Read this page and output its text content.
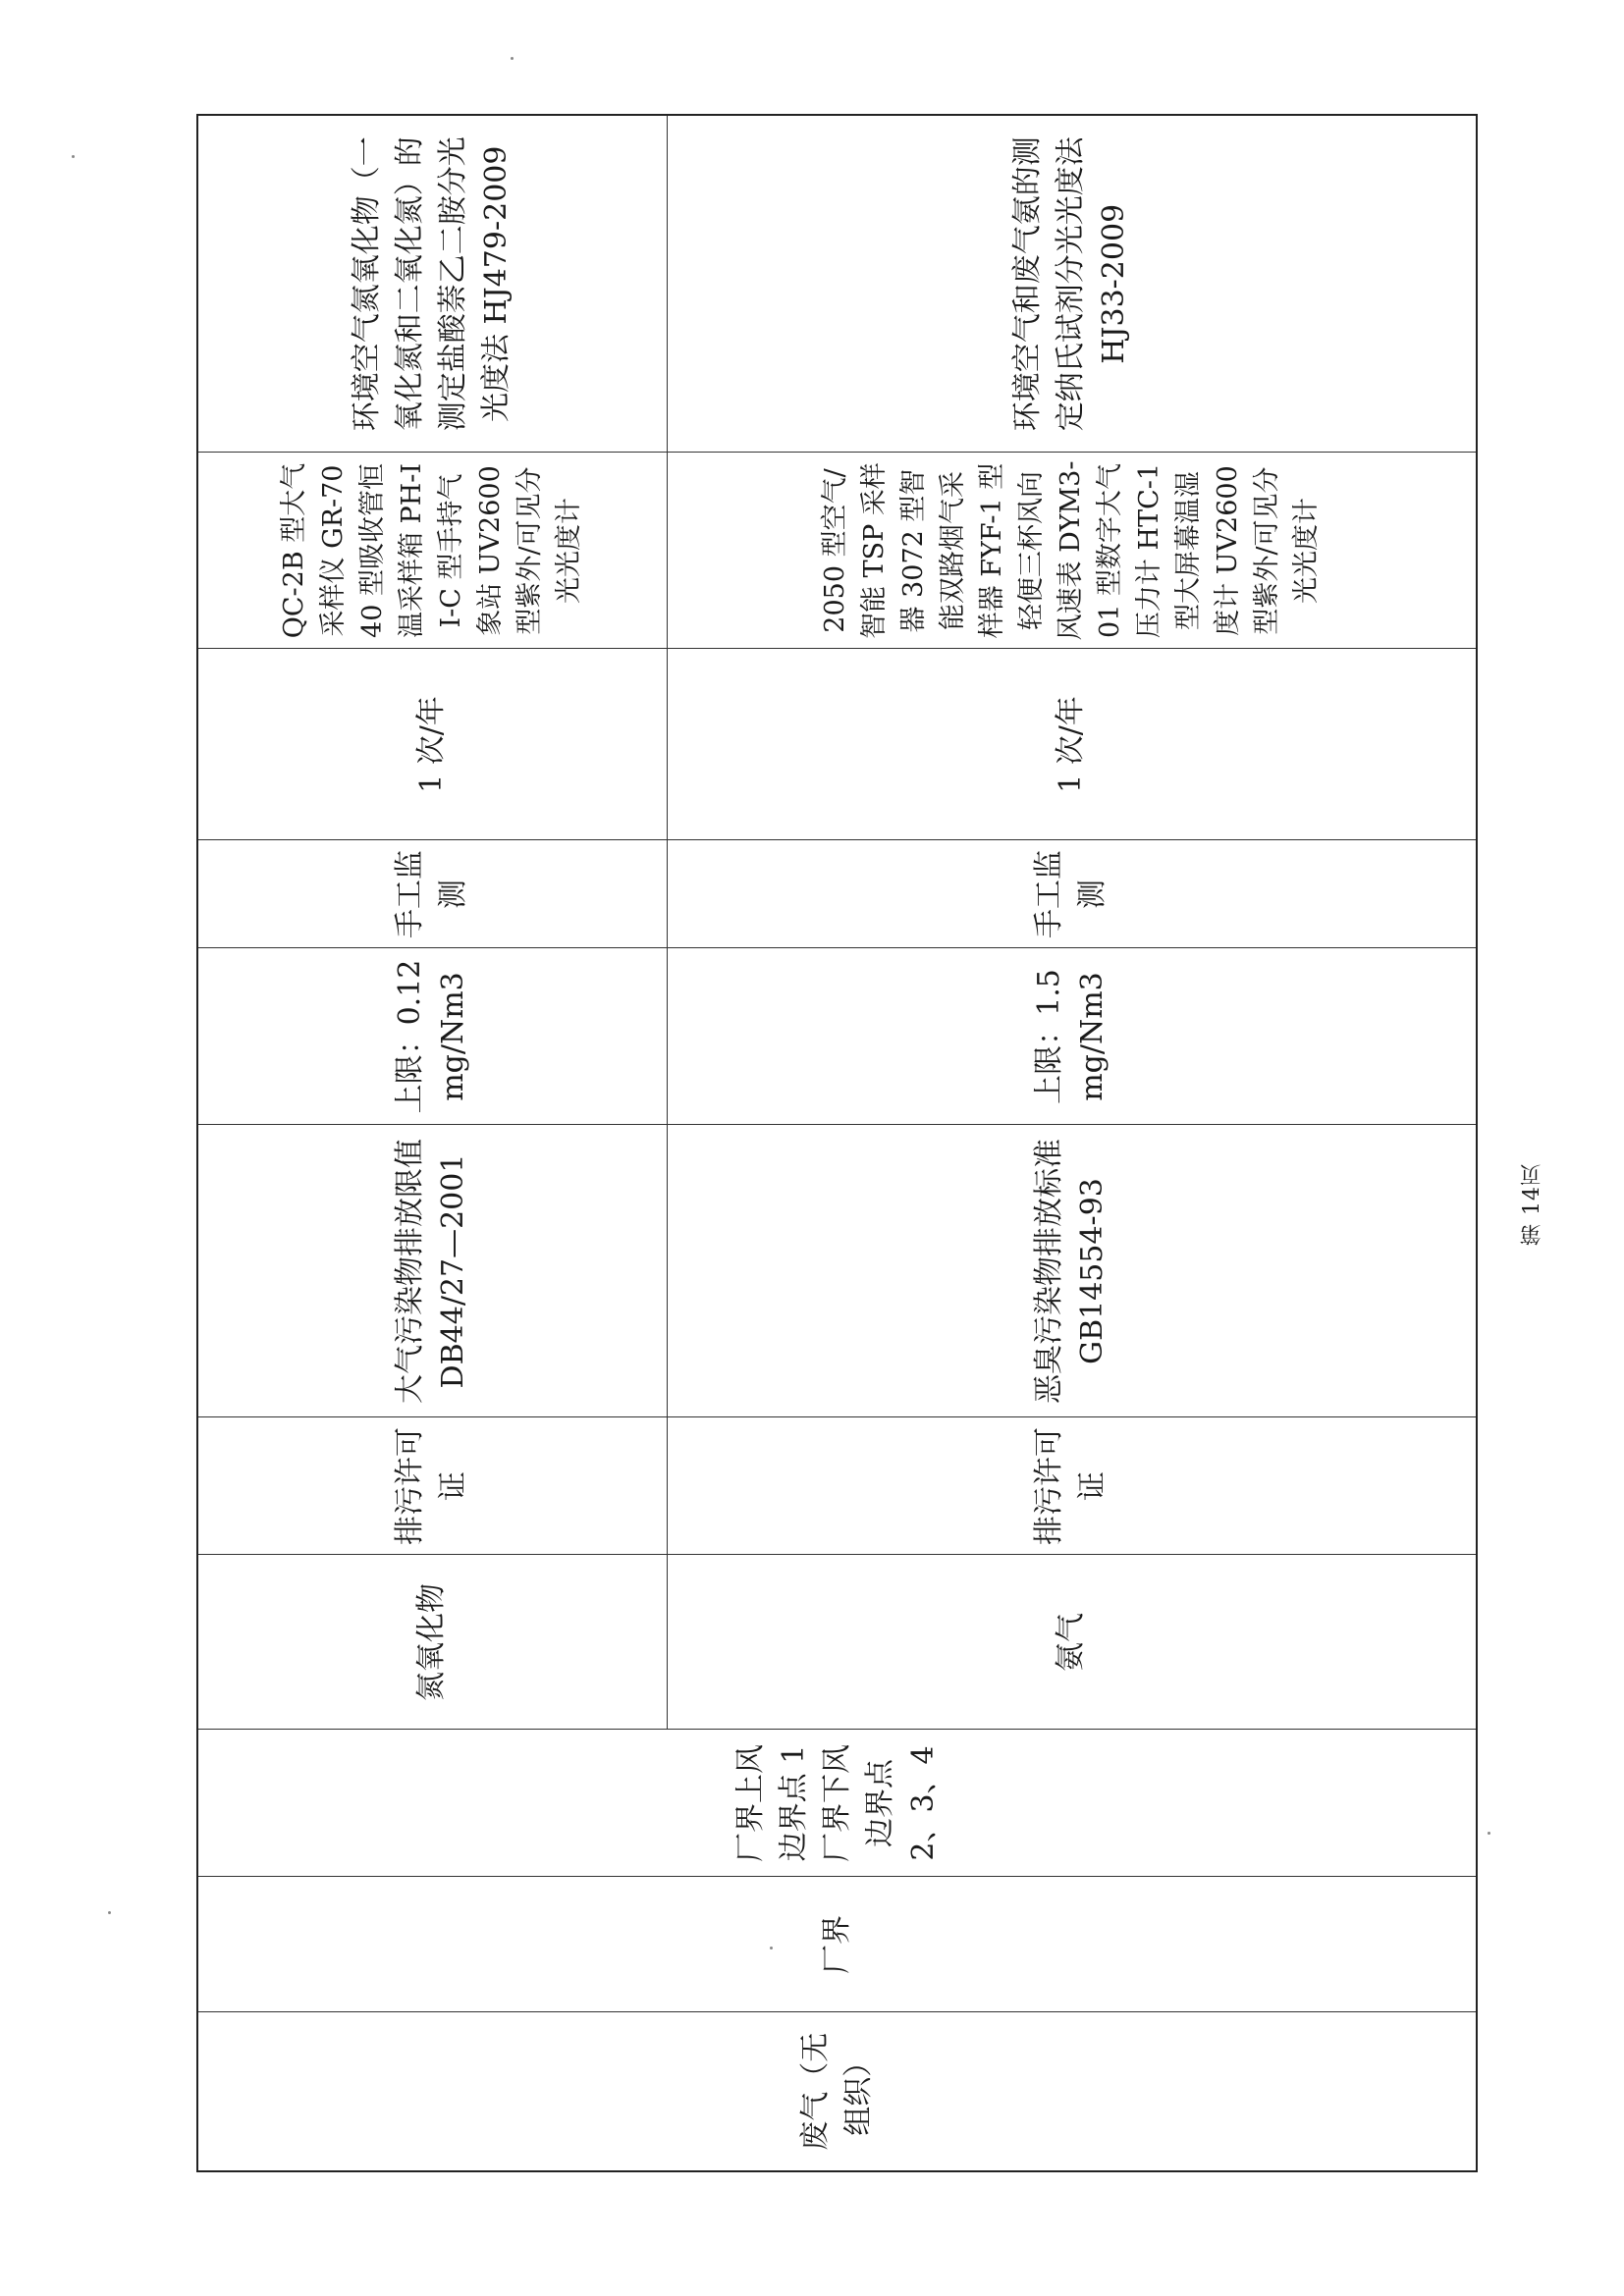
废气（无组织）	厂界	厂界上风边界点 1 厂界下风边界点 2、3、4	氮氧化物	排污许可证	大气污染物排放限值 DB44/27—2001	上限：0.12mg/Nm3	手工监测	1 次/年	QC-2B 型大气采样仪 GR-7040 型吸收管恒温采样箱 PH-II-C 型手持气象站 UV2600 型紫外/可见分光光度计	环境空气氮氧化物（一氧化氮和二氧化氮）的测定盐酸萘乙二胺分光光度法 HJ479-2009
			氨气	排污许可证	恶臭污染物排放标准 GB14554-93	上限：1.5mg/Nm3	手工监测	1 次/年	2050 型空气/智能 TSP 采样器 3072 型智能双路烟气采样器 FYF-1 型轻便三杯风向风速表 DYM3-01 型数字大气压力计 HTC-1 型大屏幕温湿度计 UV2600 型紫外/可见分光光度计	环境空气和废气氨的测定纳氏试剂分光光度法 HJ33-2009
第 14页
